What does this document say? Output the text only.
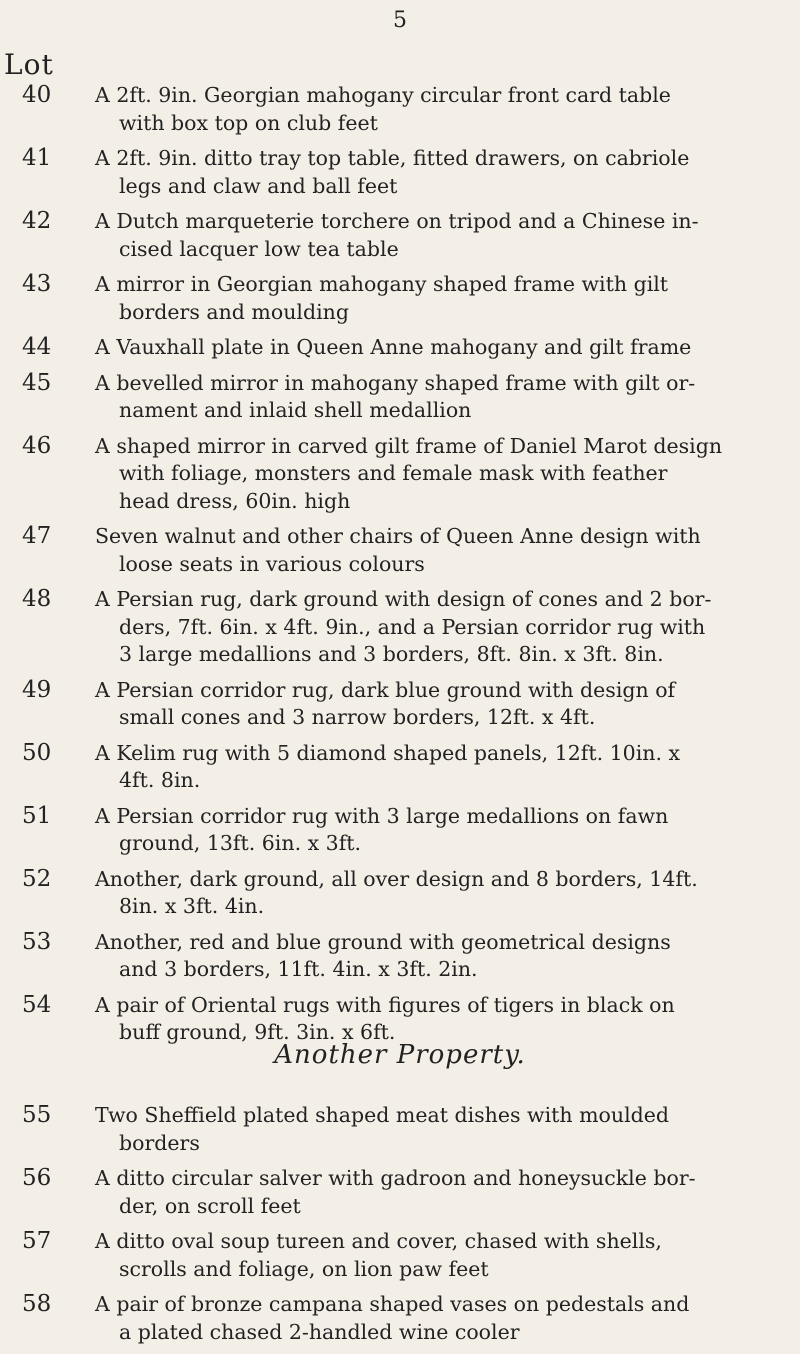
5
Lot
40 A 2ft. 9in. Georgian mahogany circular front card table
with box top on club feet
41 A 2ft. 9in. ditto tray top table, fitted drawers, on cabriole
legs and claw and ball feet
42 A Dutch marqueterie torchere on tripod and a Chinese in-
cised lacquer low tea table
43 A mirror in Georgian mahogany shaped frame with gilt
borders and moulding
44 A Vauxhall plate in Queen Anne mahogany and gilt frame
45 A bevelled mirror in mahogany shaped frame with gilt or-
nament and inlaid shell medallion
46 A shaped mirror in carved gilt frame of Daniel Marot design
with foliage, monsters and female mask with feather
head dress, 60in. high
47 Seven walnut and other chairs of Queen Anne design with
loose seats in various colours
48 A Persian rug, dark ground with design of cones and 2 bor-
ders, 7ft. 6in. x 4ft. 9in., and a Persian corridor rug with
3 large medallions and 3 borders, 8ft. 8in. x 3ft. 8in.
49 A Persian corridor rug, dark blue ground with design of
small cones and 3 narrow borders, 12ft. x 4ft.
50 A Kelim rug with 5 diamond shaped panels, 12ft. 10in. x
4ft. 8in.
51 A Persian corridor rug with 3 large medallions on fawn
ground, 13ft. 6in. x 3ft.
52 Another, dark ground, all over design and 8 borders, 14ft.
8in. x 3ft. 4in.
53 Another, red and blue ground with geometrical designs
and 3 borders, 11ft. 4in. x 3ft. 2in.
54 A pair of Oriental rugs with figures of tigers in black on
buff ground, 9ft. 3in. x 6ft.
Another Property.
55 Two Sheffield plated shaped meat dishes with moulded
borders
56 A ditto circular salver with gadroon and honeysuckle bor-
der, on scroll feet
57 A ditto oval soup tureen and cover, chased with shells,
scrolls and foliage, on lion paw feet
58 A pair of bronze campana shaped vases on pedestals and
a plated chased 2-handled wine cooler
